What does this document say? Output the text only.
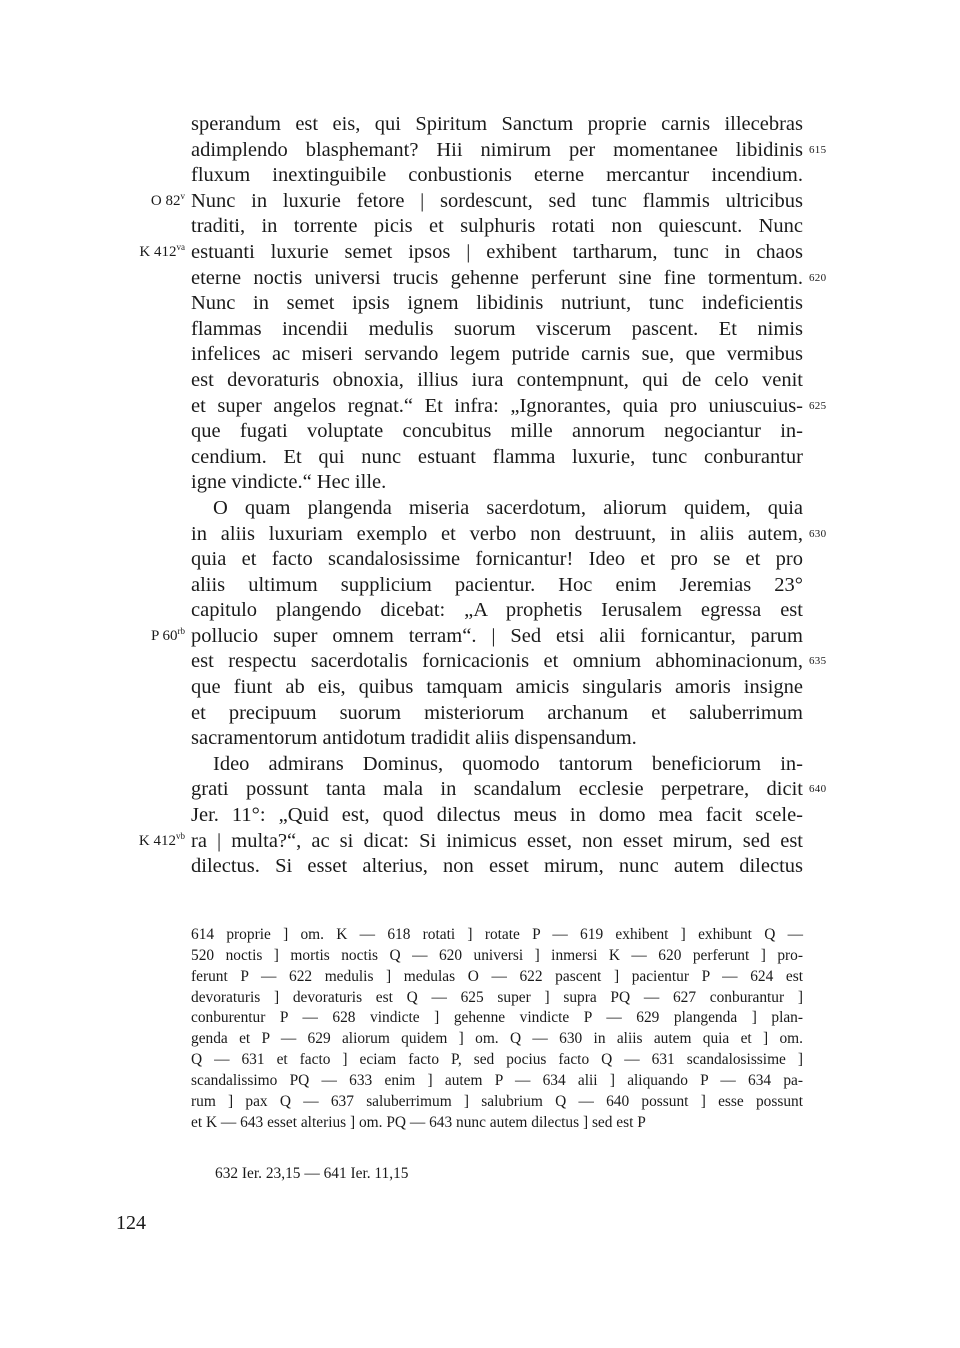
sperandum est eis, qui Spiritum Sanctum proprie carnis illecebras
adimplendo blasphemant? Hii nimirum per momentanee libidinis 615
fluxum inextinguibile conbustionis eterne mercantur incendium.
Nunc in luxurie fetore | sordescunt, sed tunc flammis ultricibus
O 82$^v$
traditi, in torrente picis et sulphuris rotati non quiescunt. Nunc
estuanti luxurie semet ipsos | exhibent tartharum, tunc in chaos
K $412^{va}$
eterne noctis universi trucis gehenne perferunt sine fine tormentum. 620
Nunc in semet ipsis ignem libidinis nutriunt, tunc indeficientis
flammas incendii medulis suorum viscerum pascent. Et nimis
infelices ac miseri servando legem putride carnis sue, que vermibus
est devoraturis obnoxia, illius iura contempnunt, qui de celo venit
et super angelos regnat.“ Et infra: „Ignorantes, quia pro uniuscuius- 625
que fugati voluptate concubitus mille annorum negociantur in-
cendium. Et qui nunc estuant flamma luxurie, tunc conburantur
igne vindicte.“ Hec ille.
O quam plangenda miseria sacerdotum, aliorum quidem, quia
in aliis luxuriam exemplo et verbo non destruunt, in aliis autem, 630
quia et facto scandalosissime fornicantur! Ideo et pro se et pro
aliis ultimum supplicium pacientur. Hoc enim Jeremias 23°
capitulo plangendo dicebat: „A prophetis Ierusalem egressa est
pollucio super omnem terram“. | Sed etsi alii fornicantur, parum
P $60^{rb}$
est respectu sacerdotalis fornicacionis et omnium abhominacionum, 635
que fiunt ab eis, quibus tamquam amicis singularis amoris insigne
et precipuum suorum misteriorum archanum et saluberrimum
sacramentorum antidotum tradidit aliis dispensandum.
Ideo admirans Dominus, quomodo tantorum beneficiorum in-
grati possunt tanta mala in scandalum ecclesie perpetrare, dicit 640
Jer. 11°: „Quid est, quod dilectus meus in domo mea facit scele-
ra | multa?“, ac si dicat: Si inimicus esset, non esset mirum, sed est
K $412^{vb}$
dilectus. Si esset alterius, non esset mirum, nunc autem dilectus
614 proprie ] om. K — 618 rotati ] rotate P — 619 exhibent ] exhibunt Q —
520 noctis ] mortis noctis Q — 620 universi ] inmersi K — 620 perferunt ] pro-
ferunt P — 622 medulis ] medulas O — 622 pascent ] pacientur P — 624 est
devoraturis ] devoraturis est Q — 625 super ] supra PQ — 627 conburantur ]
conburentur P — 628 vindicte ] gehenne vindicte P — 629 plangenda ] plan-
genda et P — 629 aliorum quidem ] om. Q — 630 in aliis autem quia et ] om.
Q — 631 et facto ] eciam facto P, sed pocius facto Q — 631 scandalosissime ]
scandalissimo PQ — 633 enim ] autem P — 634 alii ] aliquando P — 634 pa-
rum ] pax Q — 637 saluberrimum ] salubrium Q — 640 possunt ] esse possunt
et K — 643 esset alterius ] om. PQ — 643 nunc autem dilectus ] sed est P
632 Ier. 23,15 — 641 Ier. 11,15
124
